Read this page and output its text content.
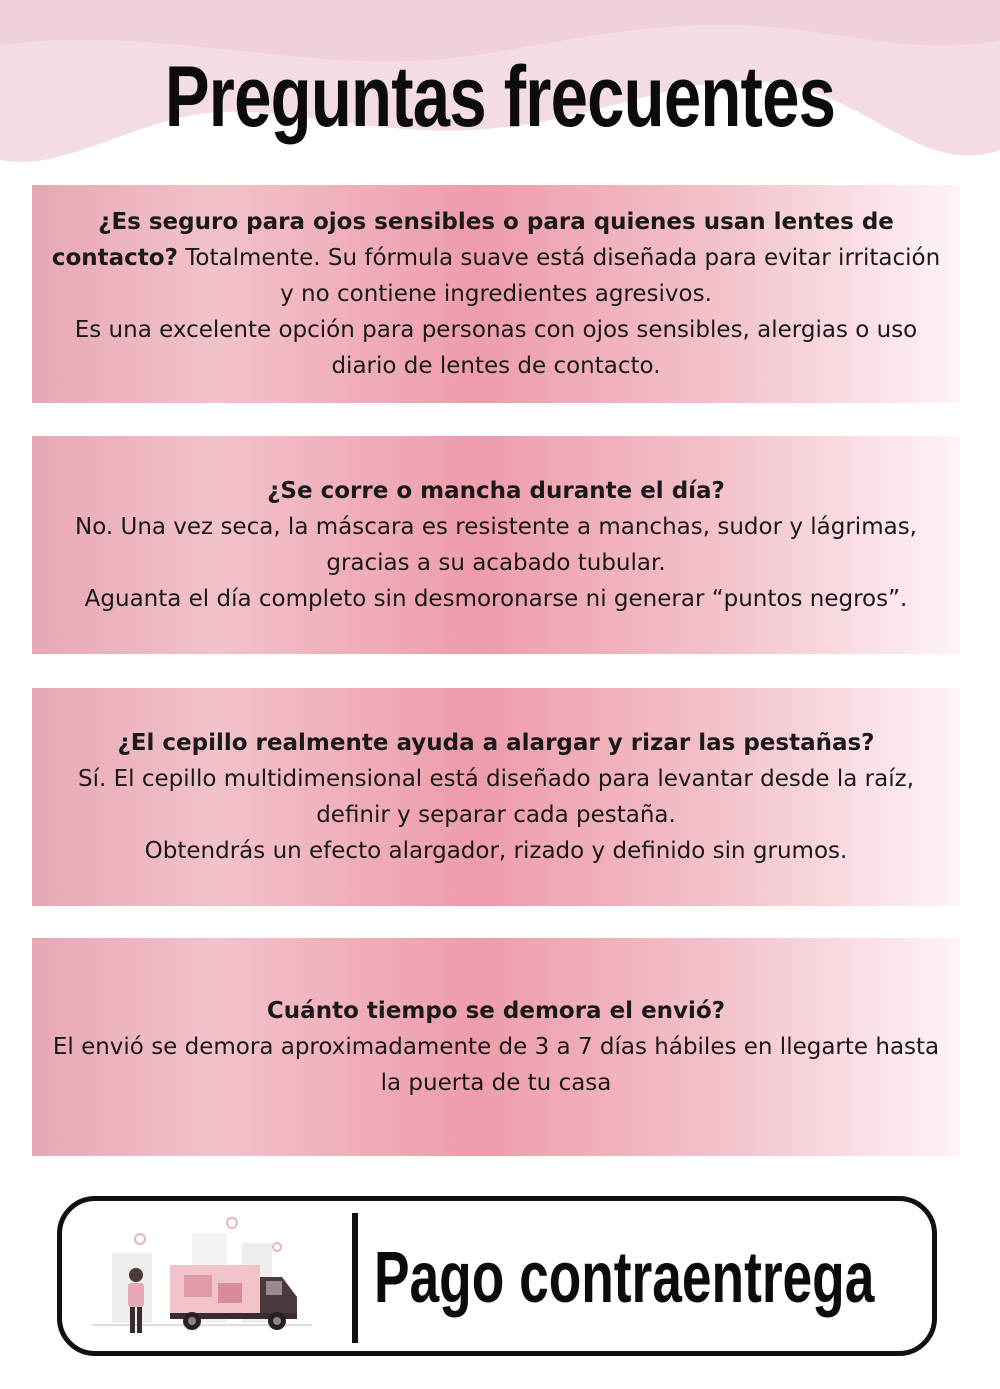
Preguntas frecuentes
¿Es seguro para ojos sensibles o para quienes usan lentes de contacto? Totalmente. Su fórmula suave está diseñada para evitar irritación y no contiene ingredientes agresivos.
Es una excelente opción para personas con ojos sensibles, alergias o uso diario de lentes de contacto.
¿Se corre o mancha durante el día?
No. Una vez seca, la máscara es resistente a manchas, sudor y lágrimas, gracias a su acabado tubular.
Aguanta el día completo sin desmoronarse ni generar “puntos negros”.
¿El cepillo realmente ayuda a alargar y rizar las pestañas?
Sí. El cepillo multidimensional está diseñado para levantar desde la raíz, definir y separar cada pestaña.
Obtendrás un efecto alargador, rizado y definido sin grumos.
Cuánto tiempo se demora el envió?
El envió se demora aproximadamente de 3 a 7 días hábiles en llegarte hasta la puerta de tu casa
Pago contraentrega
